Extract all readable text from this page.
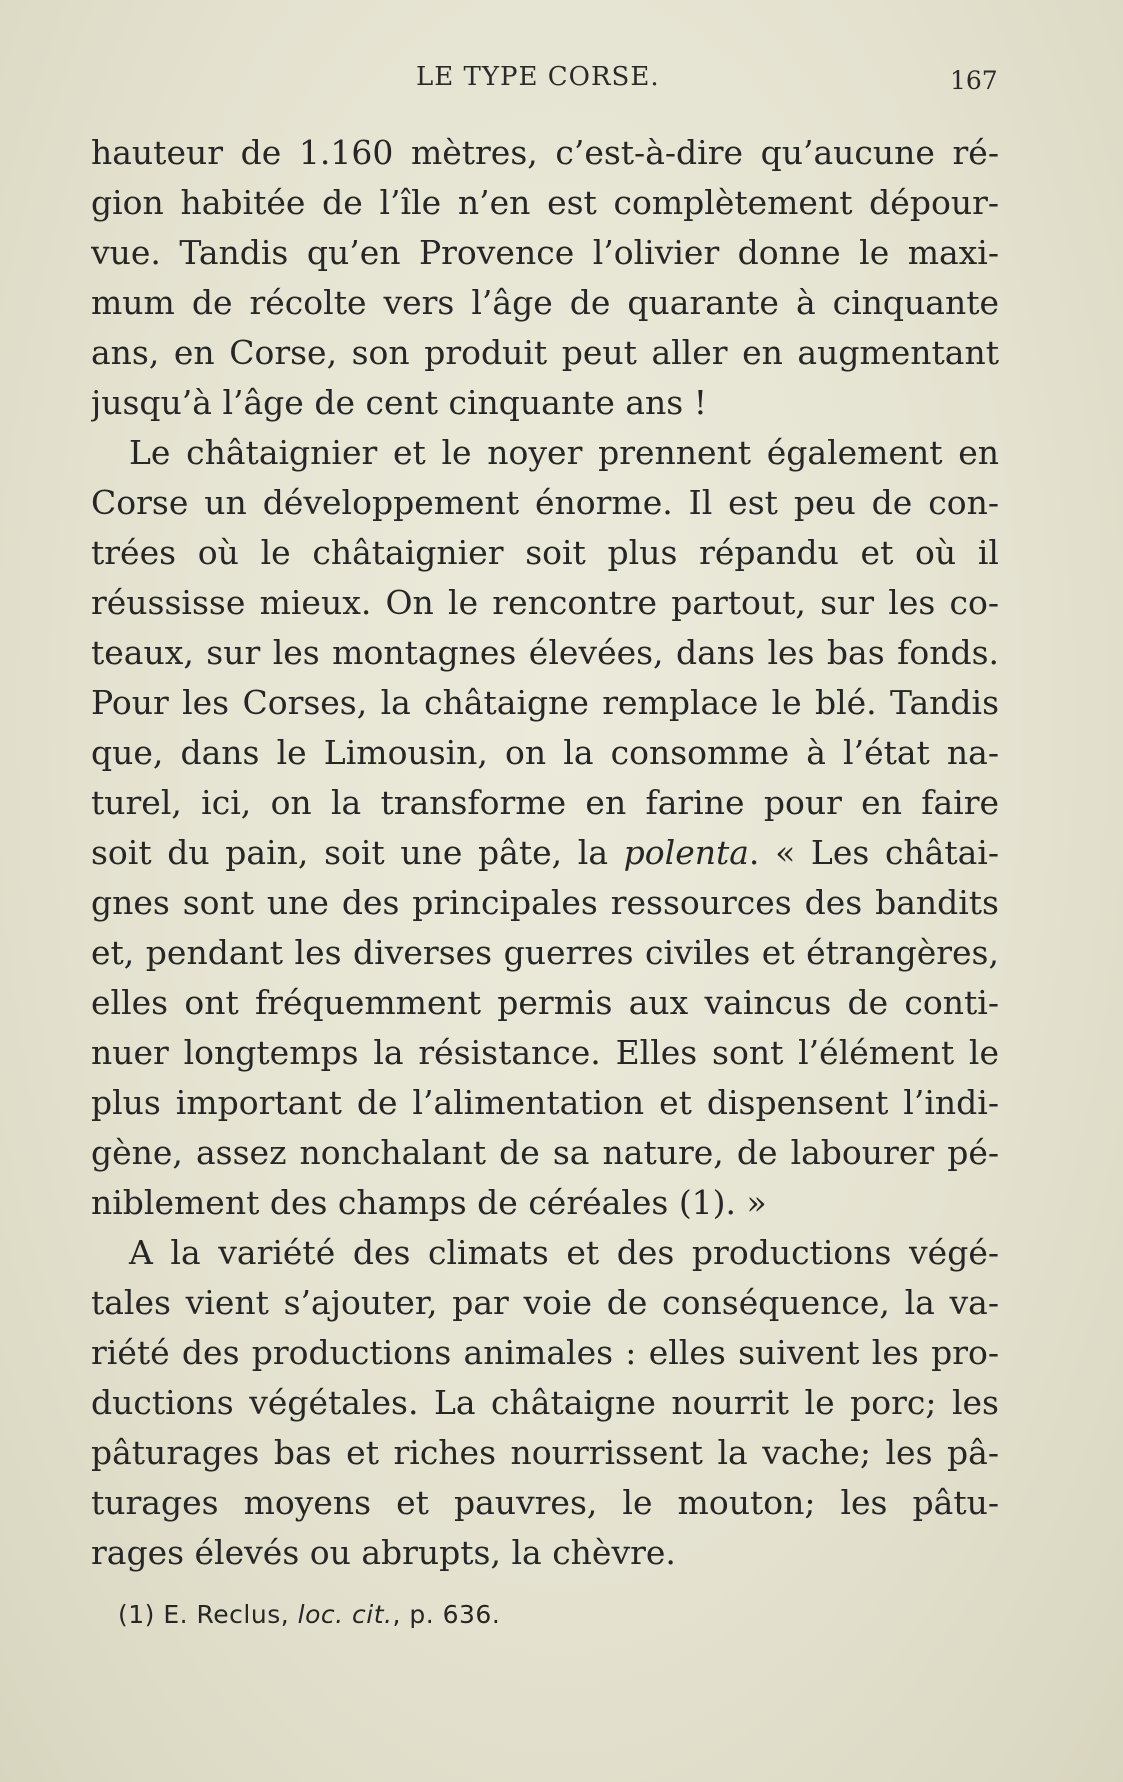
LE TYPE CORSE.	167
hauteur de 1.160 mètres, c’est-à-dire qu’aucune ré-
gion habitée de l’île n’en est complètement dépour-
vue. Tandis qu’en Provence l’olivier donne le maxi-
mum de récolte vers l’âge de quarante à cinquante
ans, en Corse, son produit peut aller en augmentant
jusqu’à l’âge de cent cinquante ans !
Le châtaignier et le noyer prennent également en
Corse un développement énorme. Il est peu de con-
trées où le châtaignier soit plus répandu et où il
réussisse mieux. On le rencontre partout, sur les co-
teaux, sur les montagnes élevées, dans les bas fonds.
Pour les Corses, la châtaigne remplace le blé. Tandis
que, dans le Limousin, on la consomme à l’état na-
turel, ici, on la transforme en farine pour en faire
soit du pain, soit une pâte, la polenta. « Les châtai-
gnes sont une des principales ressources des bandits
et, pendant les diverses guerres civiles et étrangères,
elles ont fréquemment permis aux vaincus de conti-
nuer longtemps la résistance. Elles sont l’élément le
plus important de l’alimentation et dispensent l’indi-
gène, assez nonchalant de sa nature, de labourer pé-
niblement des champs de céréales (1). »
A la variété des climats et des productions végé-
tales vient s’ajouter, par voie de conséquence, la va-
riété des productions animales : elles suivent les pro-
ductions végétales. La châtaigne nourrit le porc; les
pâturages bas et riches nourrissent la vache; les pâ-
turages moyens et pauvres, le mouton; les pâtu-
rages élevés ou abrupts, la chèvre.
(1) E. Reclus, loc. cit., p. 636.
